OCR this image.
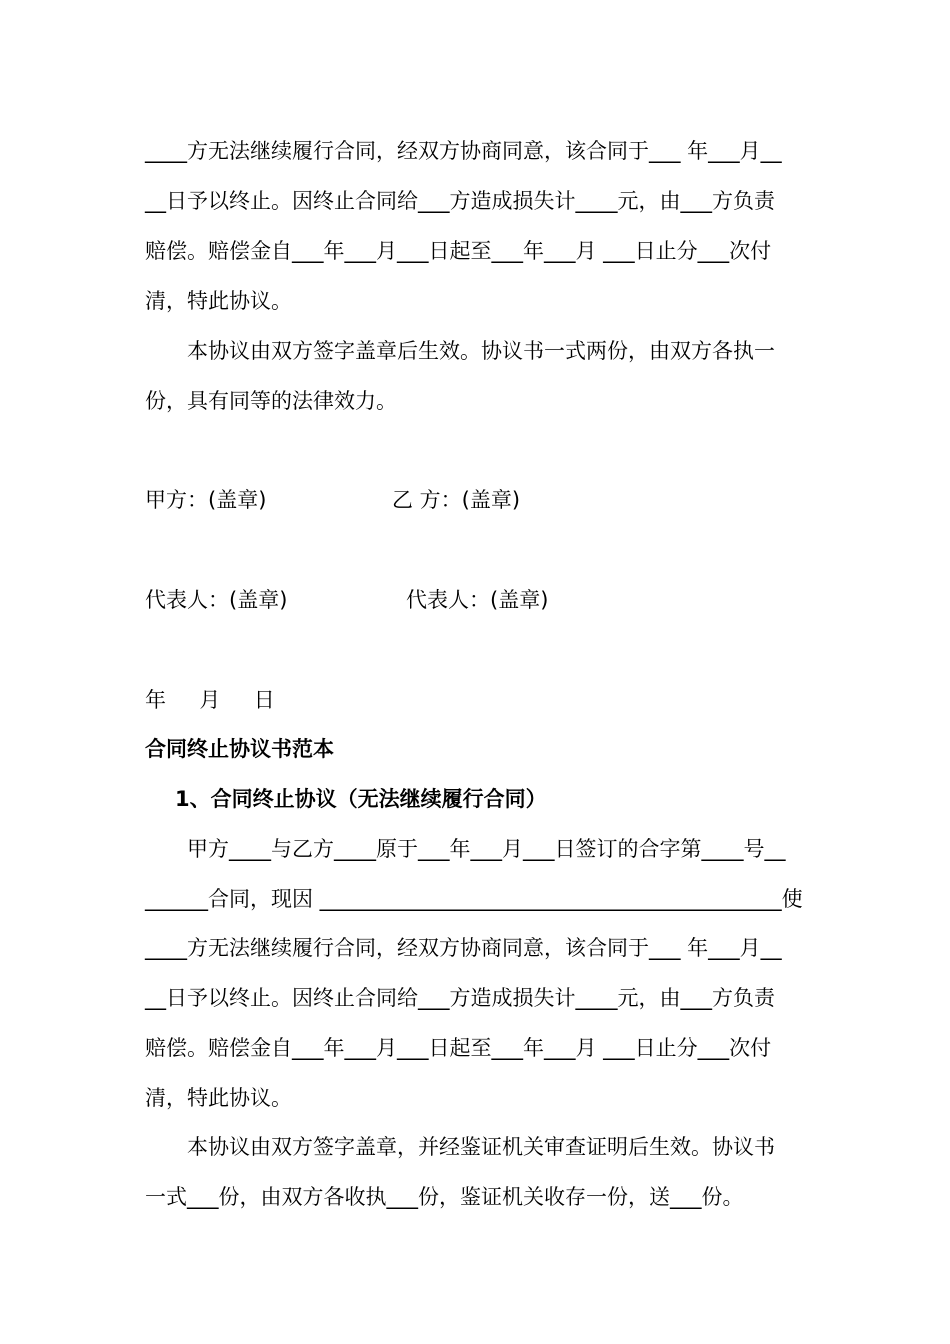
____方无法继续履行合同，经双方协商同意，该合同于___ 年___月__
__日予以终止。因终止合同给___方造成损失计____元，由___方负责
赔偿。赔偿金自___年___月___日起至___年___月 ___日止分___次付
清，特此协议。
本协议由双方签字盖章后生效。协议书一式两份，由双方各执一
份，具有同等的法律效力。
甲方：(盖章)	乙 方：(盖章)
代表人：(盖章)	代表人：(盖章)
年     月     日
合同终止协议书范本
1、合同终止协议（无法继续履行合同）
甲方____与乙方____原于___年___月___日签订的合字第____号__
______合同，现因 ____________________________________________使
____方无法继续履行合同，经双方协商同意，该合同于___ 年___月__
__日予以终止。因终止合同给___方造成损失计____元，由___方负责
赔偿。赔偿金自___年___月___日起至___年___月 ___日止分___次付
清，特此协议。
本协议由双方签字盖章，并经鉴证机关审查证明后生效。协议书
一式___份，由双方各收执___份，鉴证机关收存一份，送___份。
